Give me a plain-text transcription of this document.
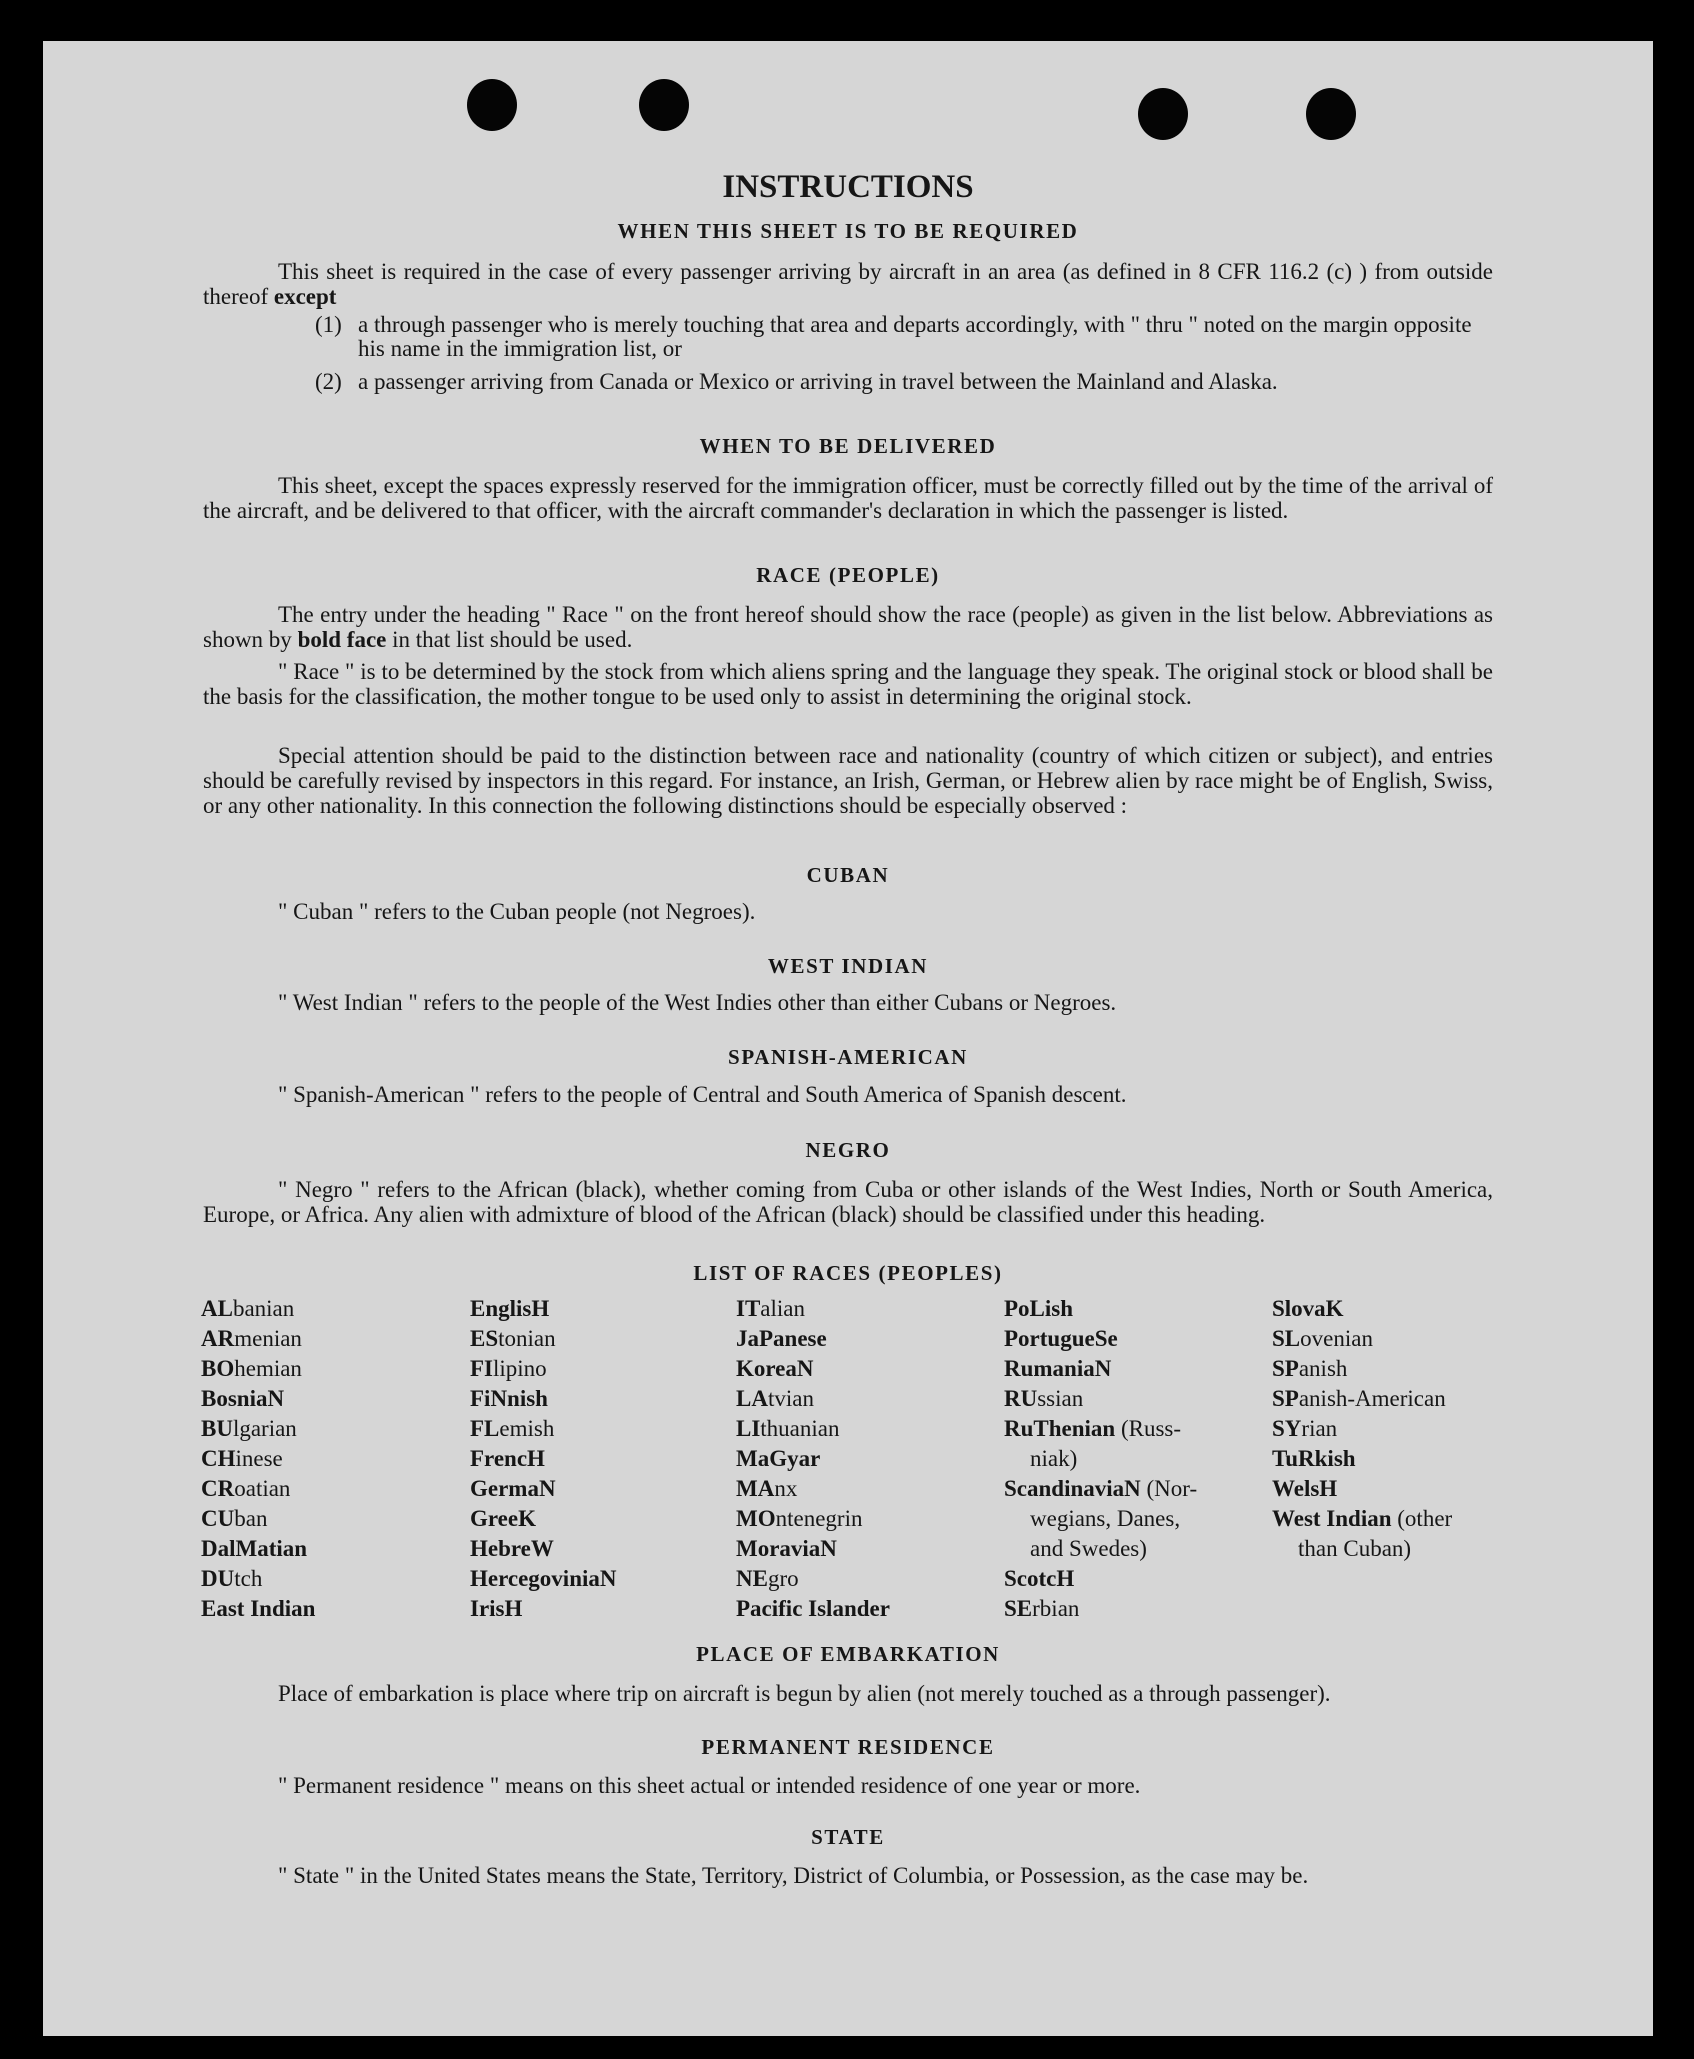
INSTRUCTIONS
WHEN THIS SHEET IS TO BE REQUIRED
This sheet is required in the case of every passenger arriving by aircraft in an area (as defined in 8 CFR 116.2 (c) ) from outside thereof except
(1) a through passenger who is merely touching that area and departs accordingly, with " thru " noted on the margin opposite his name in the immigration list, or
(2) a passenger arriving from Canada or Mexico or arriving in travel between the Mainland and Alaska.
WHEN TO BE DELIVERED
This sheet, except the spaces expressly reserved for the immigration officer, must be correctly filled out by the time of the arrival of the aircraft, and be delivered to that officer, with the aircraft commander's declaration in which the passenger is listed.
RACE (PEOPLE)
The entry under the heading " Race " on the front hereof should show the race (people) as given in the list below. Abbreviations as shown by bold face in that list should be used.
" Race " is to be determined by the stock from which aliens spring and the language they speak. The original stock or blood shall be the basis for the classification, the mother tongue to be used only to assist in determining the original stock.
Special attention should be paid to the distinction between race and nationality (country of which citizen or subject), and entries should be carefully revised by inspectors in this regard. For instance, an Irish, German, or Hebrew alien by race might be of English, Swiss, or any other nationality. In this connection the following distinctions should be especially observed :
CUBAN
" Cuban " refers to the Cuban people (not Negroes).
WEST INDIAN
" West Indian " refers to the people of the West Indies other than either Cubans or Negroes.
SPANISH-AMERICAN
" Spanish-American " refers to the people of Central and South America of Spanish descent.
NEGRO
" Negro " refers to the African (black), whether coming from Cuba or other islands of the West Indies, North or South America, Europe, or Africa. Any alien with admixture of blood of the African (black) should be classified under this heading.
LIST OF RACES (PEOPLES)
ALbanian
ARmenian
BOhemian
BosniaN
BUlgarian
CHinese
CRoatian
CUban
DalMatian
DUtch
East Indian
EnglisH
EStonian
FIlipino
FiNnish
FLemish
FrencH
GermaN
GreeK
HebreW
HercegoviniaN
IrisH
ITalian
JaPanese
KoreaN
LAtvian
LIthuanian
MaGyar
MAnx
MOntenegrin
MoraviaN
NEgro
Pacific Islander
PoLish
PortugueSe
RumaniaN
RUssian
RuThenian (Russ-
niak)
ScandinaviaN (Nor-
wegians, Danes,
and Swedes)
ScotcH
SErbian
SlovaK
SLovenian
SPanish
SPanish-American
SYrian
TuRkish
WelsH
West Indian (other
than Cuban)
PLACE OF EMBARKATION
Place of embarkation is place where trip on aircraft is begun by alien (not merely touched as a through passenger).
PERMANENT RESIDENCE
" Permanent residence " means on this sheet actual or intended residence of one year or more.
STATE
" State " in the United States means the State, Territory, District of Columbia, or Possession, as the case may be.
